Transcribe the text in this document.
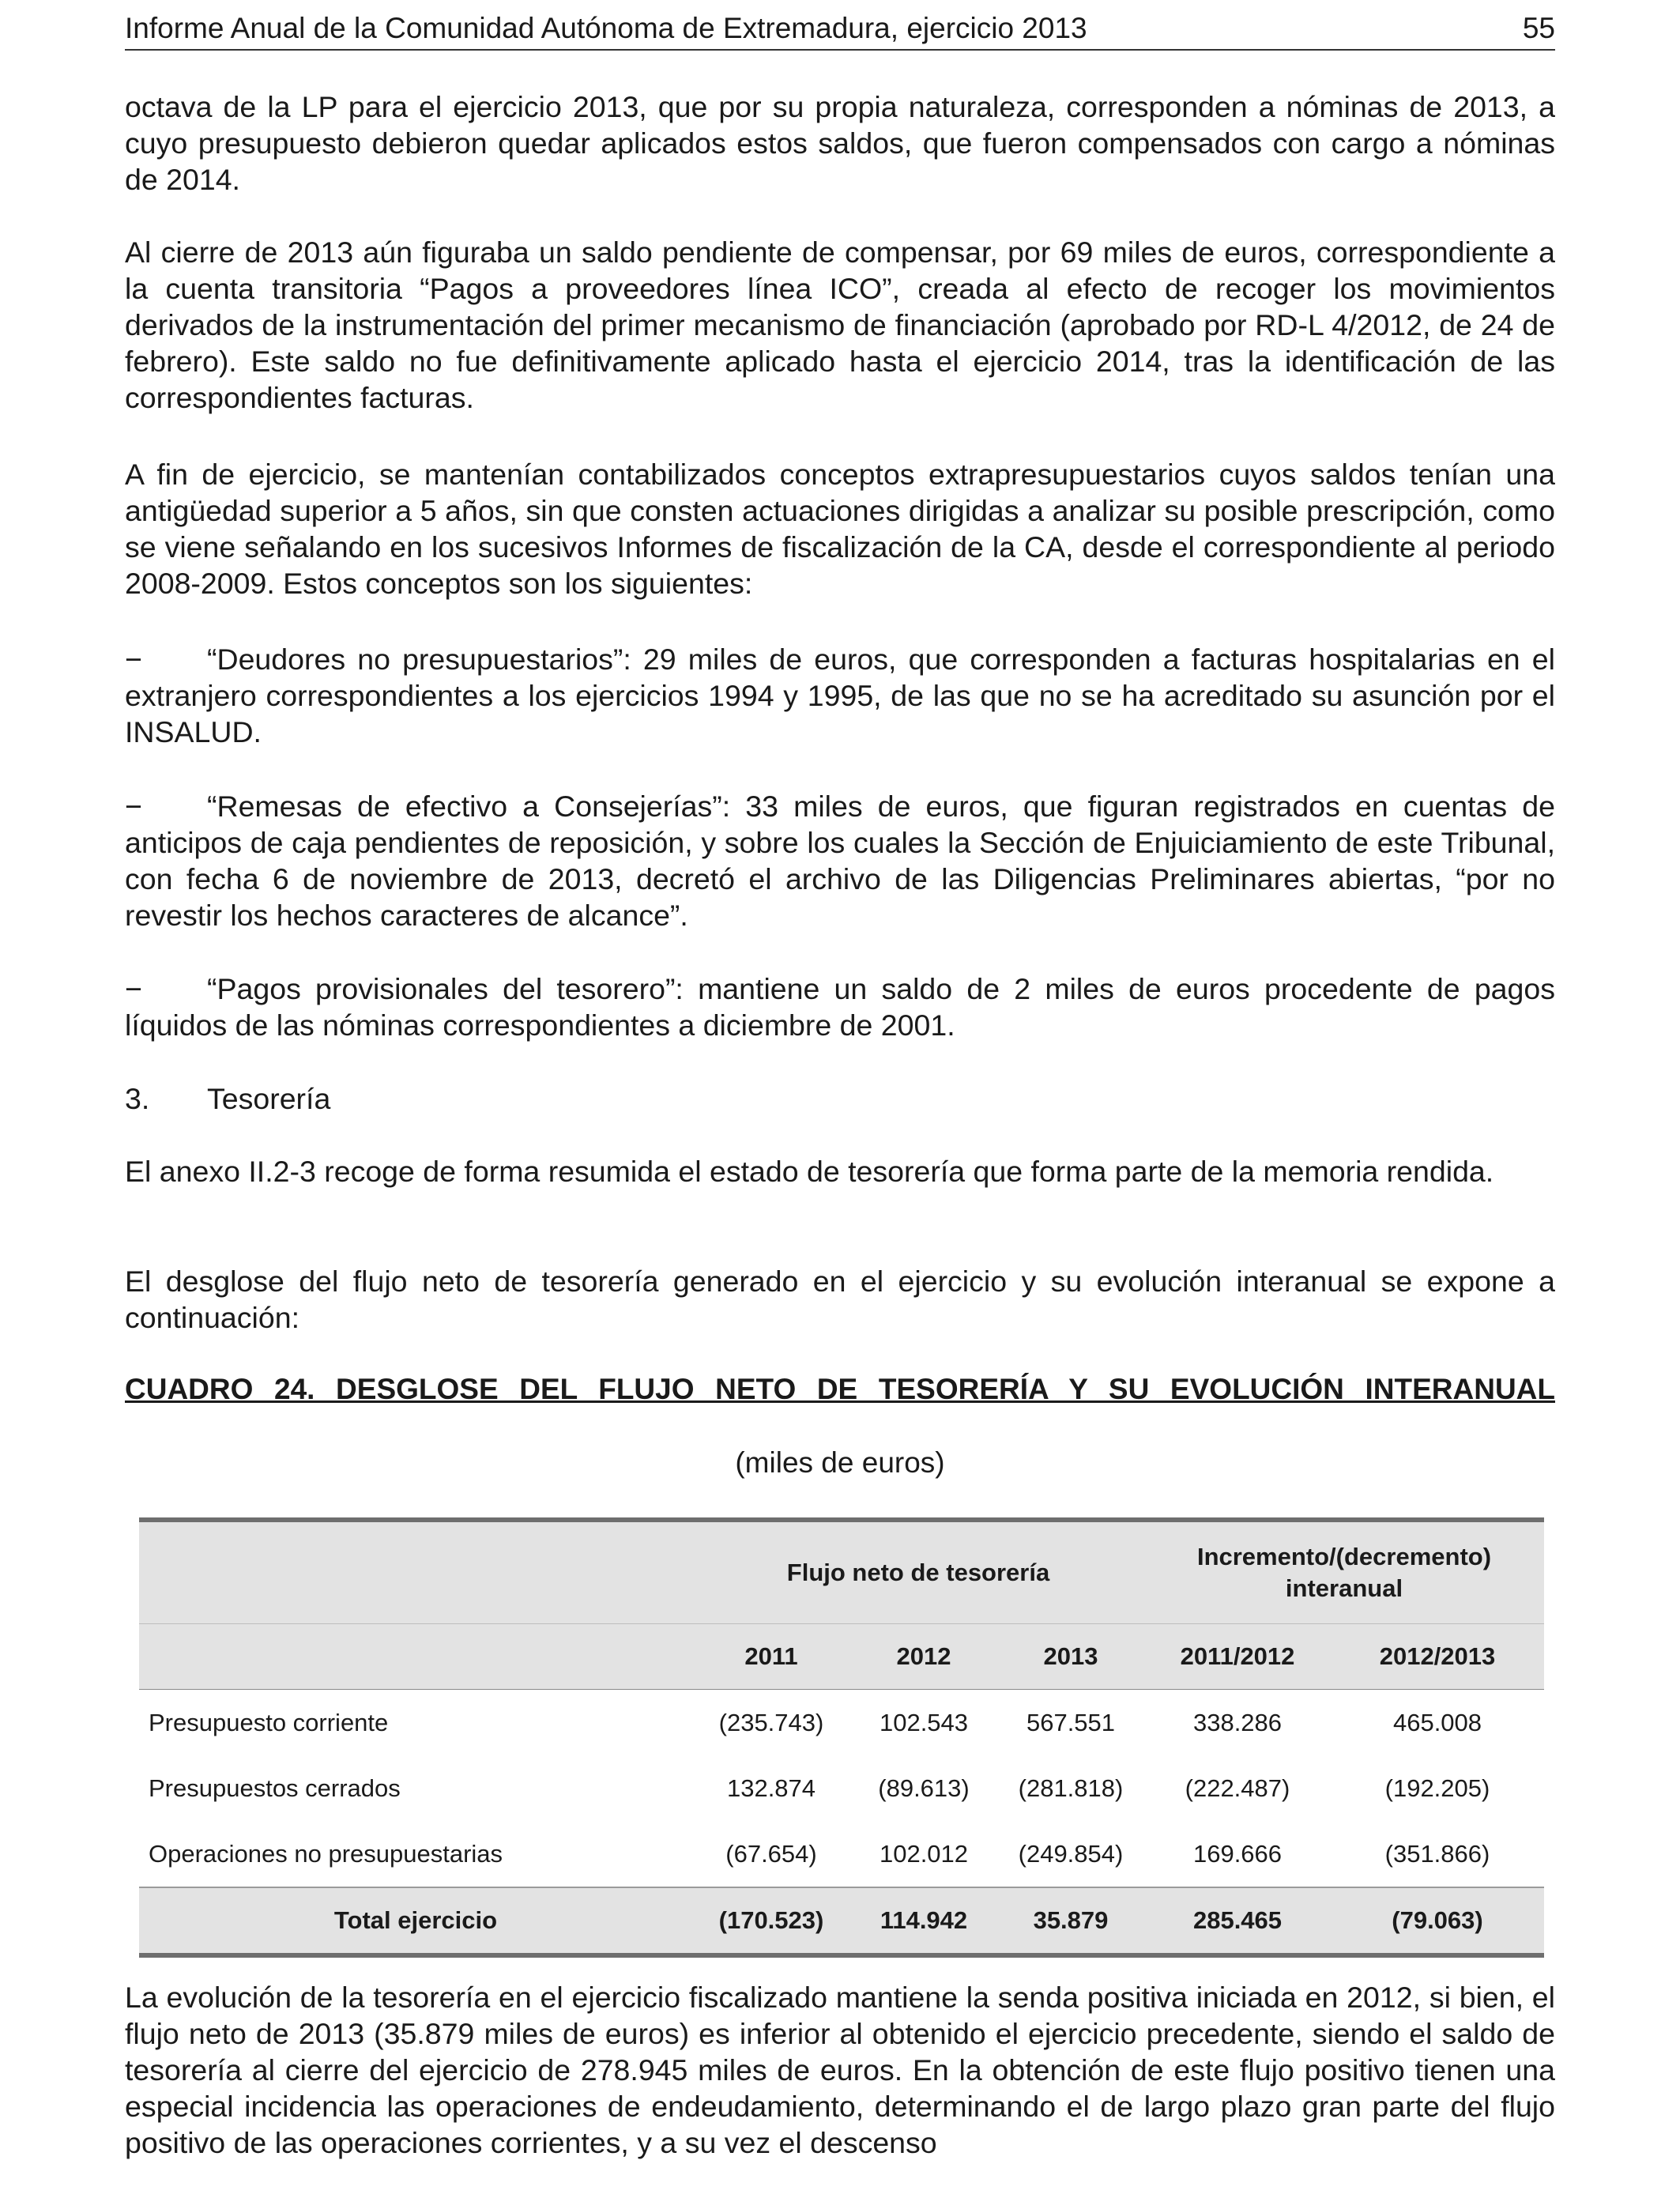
Informe Anual de la Comunidad Autónoma de Extremadura, ejercicio 2013	55

octava de la LP para el ejercicio 2013, que por su propia naturaleza, corresponden a nóminas de 2013, a cuyo presupuesto debieron quedar aplicados estos saldos, que fueron compensados con cargo a nóminas de 2014.

Al cierre de 2013 aún figuraba un saldo pendiente de compensar, por 69 miles de euros, correspondiente a la cuenta transitoria “Pagos a proveedores línea ICO”, creada al efecto de recoger los movimientos derivados de la instrumentación del primer mecanismo de financiación (aprobado por RD-L 4/2012, de 24 de febrero). Este saldo no fue definitivamente aplicado hasta el ejercicio 2014, tras la identificación de las correspondientes facturas.

A fin de ejercicio, se mantenían contabilizados conceptos extrapresupuestarios cuyos saldos tenían una antigüedad superior a 5 años, sin que consten actuaciones dirigidas a analizar su posible prescripción, como se viene señalando en los sucesivos Informes de fiscalización de la CA, desde el correspondiente al periodo 2008-2009. Estos conceptos son los siguientes:

− “Deudores no presupuestarios”: 29 miles de euros, que corresponden a facturas hospitalarias en el extranjero correspondientes a los ejercicios 1994 y 1995, de las que no se ha acreditado su asunción por el INSALUD.

− “Remesas de efectivo a Consejerías”: 33 miles de euros, que figuran registrados en cuentas de anticipos de caja pendientes de reposición, y sobre los cuales la Sección de Enjuiciamiento de este Tribunal, con fecha 6 de noviembre de 2013, decretó el archivo de las Diligencias Preliminares abiertas, “por no revestir los hechos caracteres de alcance”.

− “Pagos provisionales del tesorero”: mantiene un saldo de 2 miles de euros procedente de pagos líquidos de las nóminas correspondientes a diciembre de 2001.

3. Tesorería

El anexo II.2-3 recoge de forma resumida el estado de tesorería que forma parte de la memoria rendida.

El desglose del flujo neto de tesorería generado en el ejercicio y su evolución interanual se expone a continuación:

CUADRO 24. DESGLOSE DEL FLUJO NETO DE TESORERÍA Y SU EVOLUCIÓN INTERANUAL
(miles de euros)
	Flujo neto de tesorería			Incremento/(decremento) interanual	
	2011	2012	2013	2011/2012	2012/2013
Presupuesto corriente	(235.743)	102.543	567.551	338.286	465.008
Presupuestos cerrados	132.874	(89.613)	(281.818)	(222.487)	(192.205)
Operaciones no presupuestarias	(67.654)	102.012	(249.854)	169.666	(351.866)
Total ejercicio	(170.523)	114.942	35.879	285.465	(79.063)

La evolución de la tesorería en el ejercicio fiscalizado mantiene la senda positiva iniciada en 2012, si bien, el flujo neto de 2013 (35.879 miles de euros) es inferior al obtenido el ejercicio precedente, siendo el saldo de tesorería al cierre del ejercicio de 278.945 miles de euros. En la obtención de este flujo positivo tienen una especial incidencia las operaciones de endeudamiento, determinando el de largo plazo gran parte del flujo positivo de las operaciones corrientes, y a su vez el descenso
